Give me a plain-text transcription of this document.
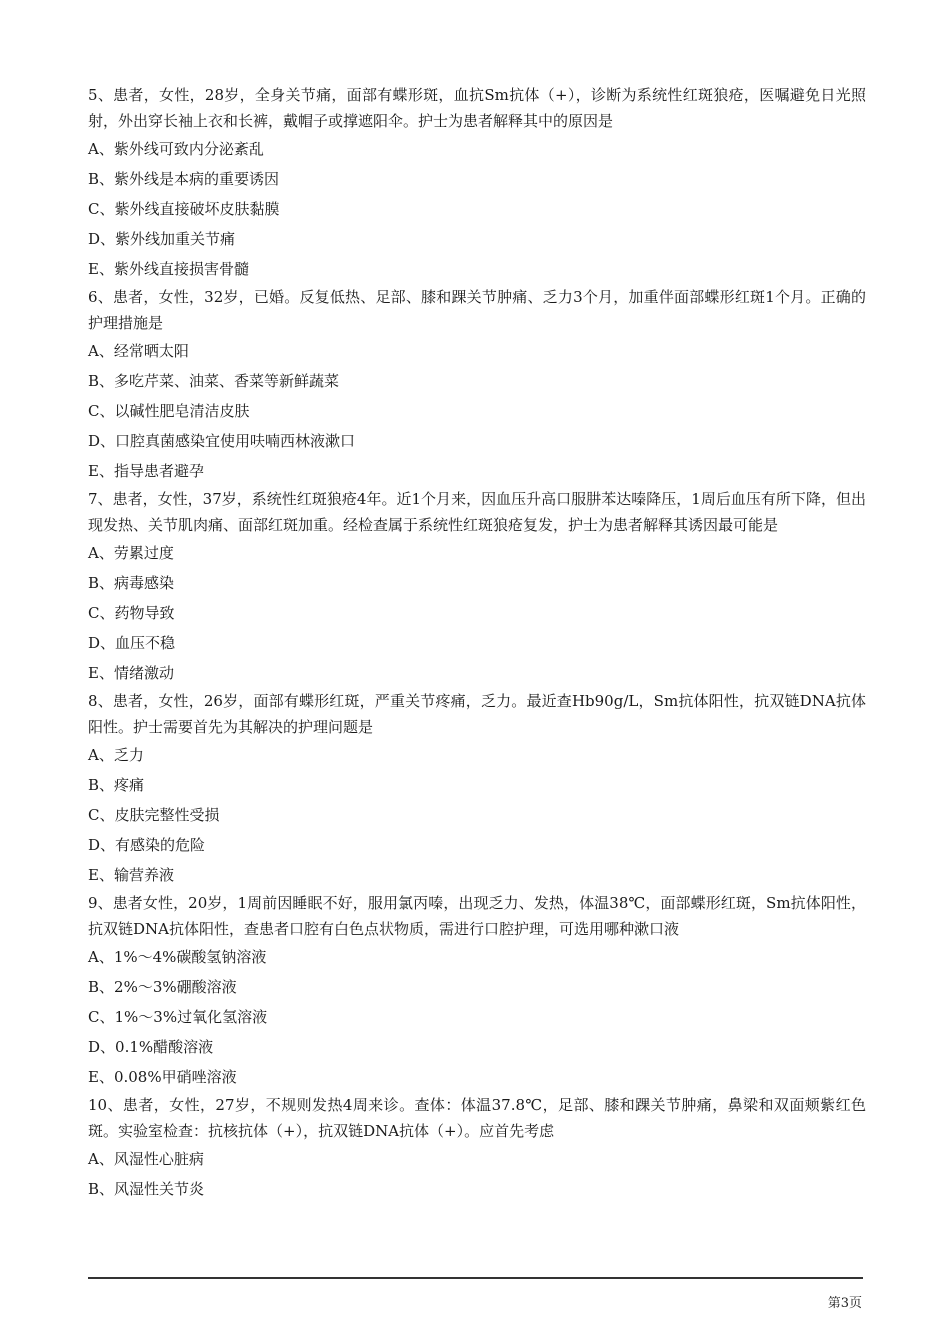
5、患者，女性，28岁，全身关节痛，面部有蝶形斑，血抗Sm抗体（+），诊断为系统性红斑狼疮，医嘱避免日光照射，外出穿长袖上衣和长裤，戴帽子或撑遮阳伞。护士为患者解释其中的原因是

A、紫外线可致内分泌紊乱

B、紫外线是本病的重要诱因

C、紫外线直接破坏皮肤黏膜

D、紫外线加重关节痛

E、紫外线直接损害骨髓

6、患者，女性，32岁，已婚。反复低热、足部、膝和踝关节肿痛、乏力3个月，加重伴面部蝶形红斑1个月。正确的护理措施是

A、经常晒太阳

B、多吃芹菜、油菜、香菜等新鲜蔬菜

C、以碱性肥皂清洁皮肤

D、口腔真菌感染宜使用呋喃西林液漱口

E、指导患者避孕

7、患者，女性，37岁，系统性红斑狼疮4年。近1个月来，因血压升高口服肼苯达嗪降压，1周后血压有所下降，但出现发热、关节肌肉痛、面部红斑加重。经检查属于系统性红斑狼疮复发，护士为患者解释其诱因最可能是

A、劳累过度

B、病毒感染

C、药物导致

D、血压不稳

E、情绪激动

8、患者，女性，26岁，面部有蝶形红斑，严重关节疼痛，乏力。最近查Hb90g/L，Sm抗体阳性，抗双链DNA抗体阳性。护士需要首先为其解决的护理问题是

A、乏力

B、疼痛

C、皮肤完整性受损

D、有感染的危险

E、输营养液

9、患者女性，20岁，1周前因睡眠不好，服用氯丙嗪，出现乏力、发热，体温38℃，面部蝶形红斑，Sm抗体阳性，抗双链DNA抗体阳性，查患者口腔有白色点状物质，需进行口腔护理，可选用哪种漱口液

A、1%～4%碳酸氢钠溶液

B、2%～3%硼酸溶液

C、1%～3%过氧化氢溶液

D、0.1%醋酸溶液

E、0.08%甲硝唑溶液

10、患者，女性，27岁，不规则发热4周来诊。查体：体温37.8℃，足部、膝和踝关节肿痛，鼻梁和双面颊紫红色斑。实验室检查：抗核抗体（+），抗双链DNA抗体（+）。应首先考虑

A、风湿性心脏病

B、风湿性关节炎

第3页
